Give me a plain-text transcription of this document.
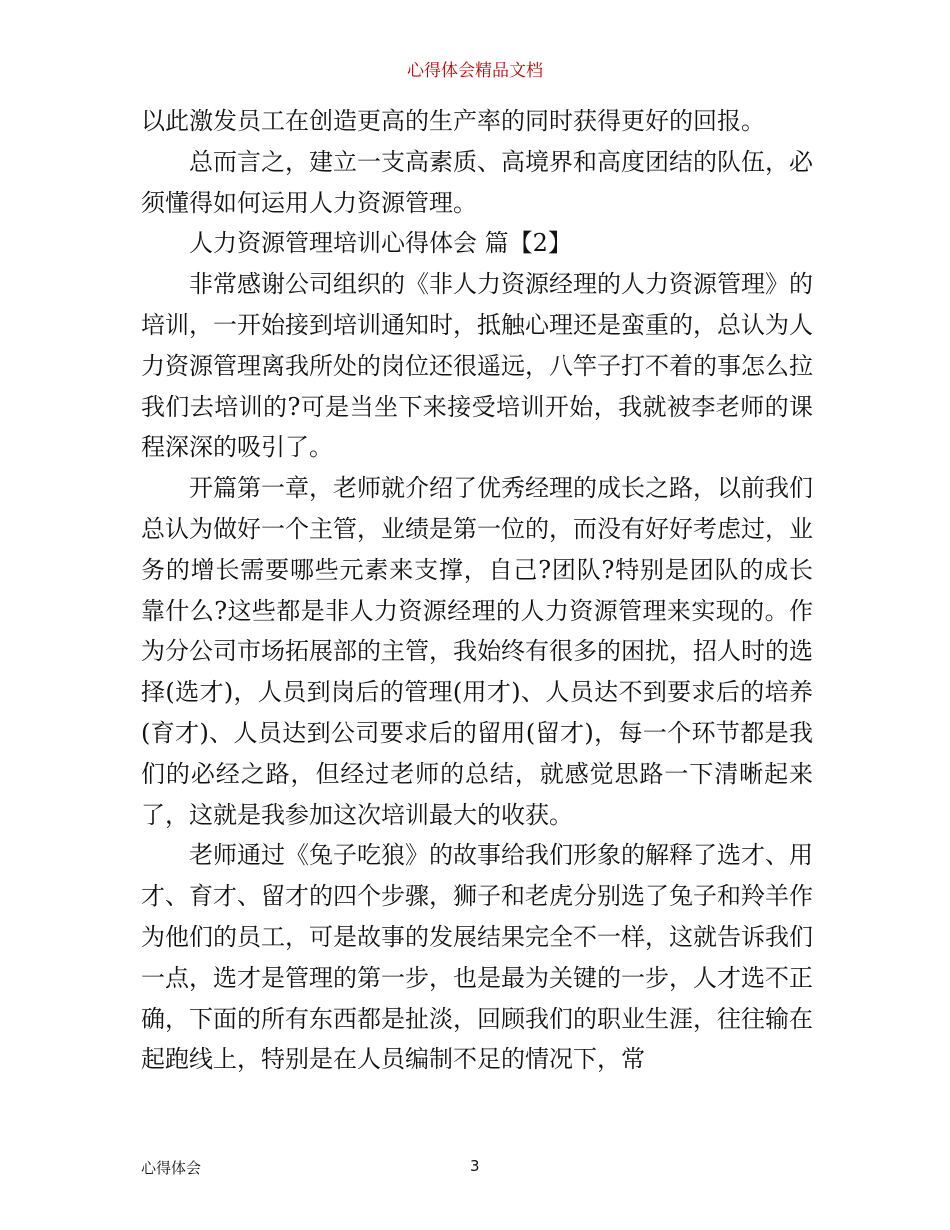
心得体会精品文档

以此激发员工在创造更高的生产率的同时获得更好的回报。

总而言之，建立一支高素质、高境界和高度团结的队伍，必须懂得如何运用人力资源管理。

人力资源管理培训心得体会 篇【2】

非常感谢公司组织的《非人力资源经理的人力资源管理》的培训，一开始接到培训通知时，抵触心理还是蛮重的，总认为人力资源管理离我所处的岗位还很遥远，八竿子打不着的事怎么拉我们去培训的?可是当坐下来接受培训开始，我就被李老师的课程深深的吸引了。

开篇第一章，老师就介绍了优秀经理的成长之路，以前我们总认为做好一个主管，业绩是第一位的，而没有好好考虑过，业务的增长需要哪些元素来支撑，自己?团队?特别是团队的成长靠什么?这些都是非人力资源经理的人力资源管理来实现的。作为分公司市场拓展部的主管，我始终有很多的困扰，招人时的选择(选才)，人员到岗后的管理(用才)、人员达不到要求后的培养(育才)、人员达到公司要求后的留用(留才)，每一个环节都是我们的必经之路，但经过老师的总结，就感觉思路一下清晰起来了，这就是我参加这次培训最大的收获。

老师通过《兔子吃狼》的故事给我们形象的解释了选才、用才、育才、留才的四个步骤，狮子和老虎分别选了兔子和羚羊作为他们的员工，可是故事的发展结果完全不一样，这就告诉我们一点，选才是管理的第一步，也是最为关键的一步，人才选不正确，下面的所有东西都是扯淡，回顾我们的职业生涯，往往输在起跑线上，特别是在人员编制不足的情况下，常

心得体会	3
